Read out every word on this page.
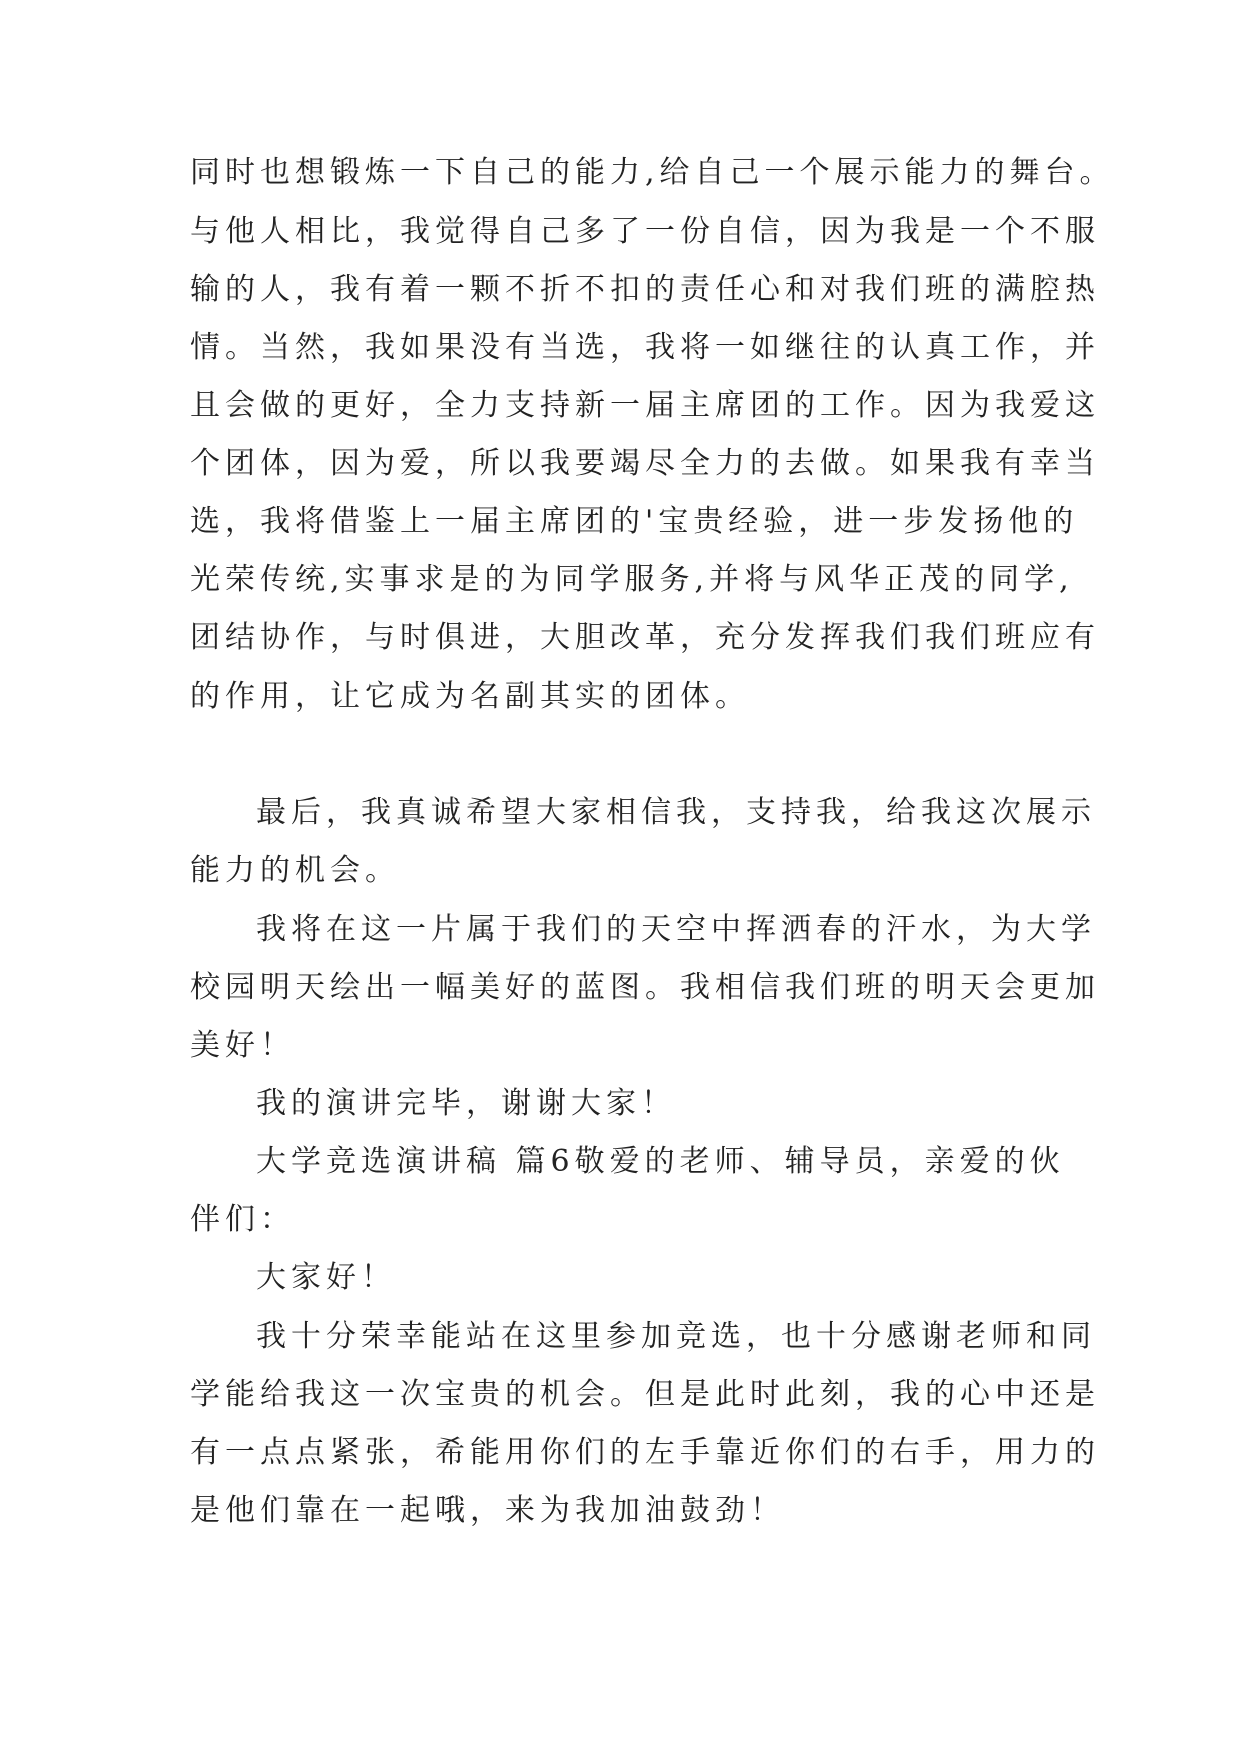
同时也想锻炼一下自己的能力,给自己一个展示能力的舞台。
与他人相比，我觉得自己多了一份自信，因为我是一个不服
输的人，我有着一颗不折不扣的责任心和对我们班的满腔热
情。当然，我如果没有当选，我将一如继往的认真工作，并
且会做的更好，全力支持新一届主席团的工作。因为我爱这
个团体，因为爱，所以我要竭尽全力的去做。如果我有幸当
选，我将借鉴上一届主席团的'宝贵经验，进一步发扬他的
光荣传统,实事求是的为同学服务,并将与风华正茂的同学,
团结协作，与时俱进，大胆改革，充分发挥我们我们班应有
的作用，让它成为名副其实的团体。
最后，我真诚希望大家相信我，支持我，给我这次展示
能力的机会。
我将在这一片属于我们的天空中挥洒春的汗水，为大学
校园明天绘出一幅美好的蓝图。我相信我们班的明天会更加
美好！
我的演讲完毕，谢谢大家！
大学竞选演讲稿 篇6敬爱的老师、辅导员，亲爱的伙
伴们：
大家好！
我十分荣幸能站在这里参加竞选，也十分感谢老师和同
学能给我这一次宝贵的机会。但是此时此刻，我的心中还是
有一点点紧张，希能用你们的左手靠近你们的右手，用力的
是他们靠在一起哦，来为我加油鼓劲！
